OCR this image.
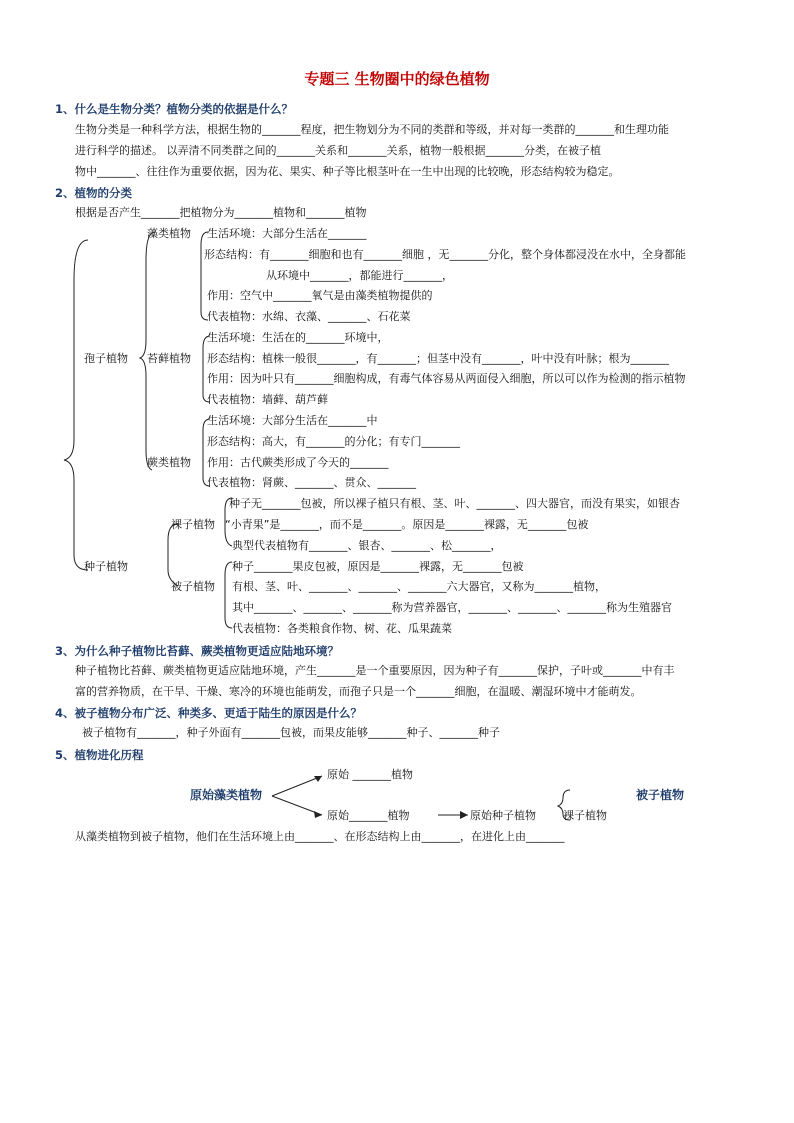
专题三 生物圈中的绿色植物
1、什么是生物分类？植物分类的依据是什么？
生物分类是一种科学方法，根据生物的_______程度，把生物划分为不同的类群和等级，并对每一类群的_______和生理功能
进行科学的描述。 以弄清不同类群之间的_______关系和_______关系，植物一般根据_______分类，在被子植
物中_______、往往作为重要依据，因为花、果实、种子等比根茎叶在一生中出现的比较晚，形态结构较为稳定。
2、植物的分类
根据是否产生_______把植物分为_______植物和_______植物
孢子植物
种子植物
藻类植物 生活环境：大部分生活在_______
形态结构：有_______细胞和也有_______细胞 ，无_______分化，整个身体都浸没在水中，全身都能
从环境中_______，都能进行_______，
作用：空气中_______氧气是由藻类植物提供的
代表植物：水绵、衣藻、_______、石花菜
苔藓植物
生活环境：生活在的_______环境中，
形态结构：植株一般很_______，有_______；但茎中没有_______，叶中没有叶脉；根为_______
作用：因为叶只有_______细胞构成，有毒气体容易从两面侵入细胞，所以可以作为检测的指示植物
代表植物：墙藓、葫芦藓
蕨类植物
生活环境：大部分生活在_______中
形态结构：高大，有_______的分化；有专门_______
作用：古代蕨类形成了今天的_______
代表植物：肾蕨、_______、贯众、_______
裸子植物
种子无_______包被，所以裸子植只有根、茎、叶、_______、四大器官，而没有果实，如银杏
“小青果”是_______，而不是_______。原因是_______裸露，无_______包被
典型代表植物有_______、银杏、_______、松_______，
被子植物
种子_______果皮包被，原因是_______裸露，无_______包被
有根、茎、叶、_______、_______、_______六大器官，又称为_______植物，
其中_______、_______、_______称为营养器官，_______、_______、_______称为生殖器官
代表植物：各类粮食作物、树、花、瓜果蔬菜
3、为什么种子植物比苔藓、蕨类植物更适应陆地环境？
种子植物比苔藓、蕨类植物更适应陆地环境，产生_______是一个重要原因，因为种子有_______保护，子叶或_______中有丰
富的营养物质，在干旱、干燥、寒冷的环境也能萌发，而孢子只是一个_______细胞，在温暖、潮湿环境中才能萌发。
4、被子植物分布广泛、种类多、更适于陆生的原因是什么？
被子植物有_______，种子外面有_______包被，而果皮能够_______种子、_______种子
5、植物进化历程
原始藻类植物
原始 _______植物
原始_______植物	原始种子植物
被子植物
裸子植物
从藻类植物到被子植物，他们在生活环境上由_______、在形态结构上由_______，在进化上由_______
